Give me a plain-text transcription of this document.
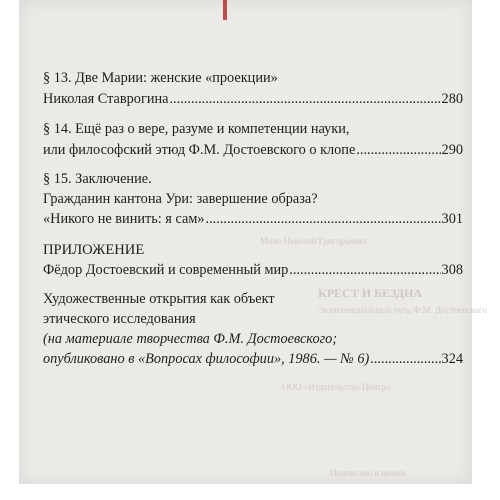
Мико Николай Григорьевич
КРЕСТ И БЕЗДНА
Экзистенциальный путь Ф.М. Достоевского
ООО «Издательство Центр»
Подписано в печать
§ 13. Две Марии: женские «проекции»
Николая Ставрогина .....	280
§ 14. Ещё раз о вере, разуме и компетенции науки,
или философский этюд Ф.М. Достоевского о клопе .....	290
§ 15. Заключение.
Гражданин кантона Ури: завершение образа?
«Никого не винить: я сам» .....	301
ПРИЛОЖЕНИЕ
Фёдор Достоевский и современный мир .....	308
Художественные открытия как объект
этического исследования
(на материале творчества Ф.М. Достоевского;
опубликовано в «Вопросах философии», 1986. — № 6) .....	324
